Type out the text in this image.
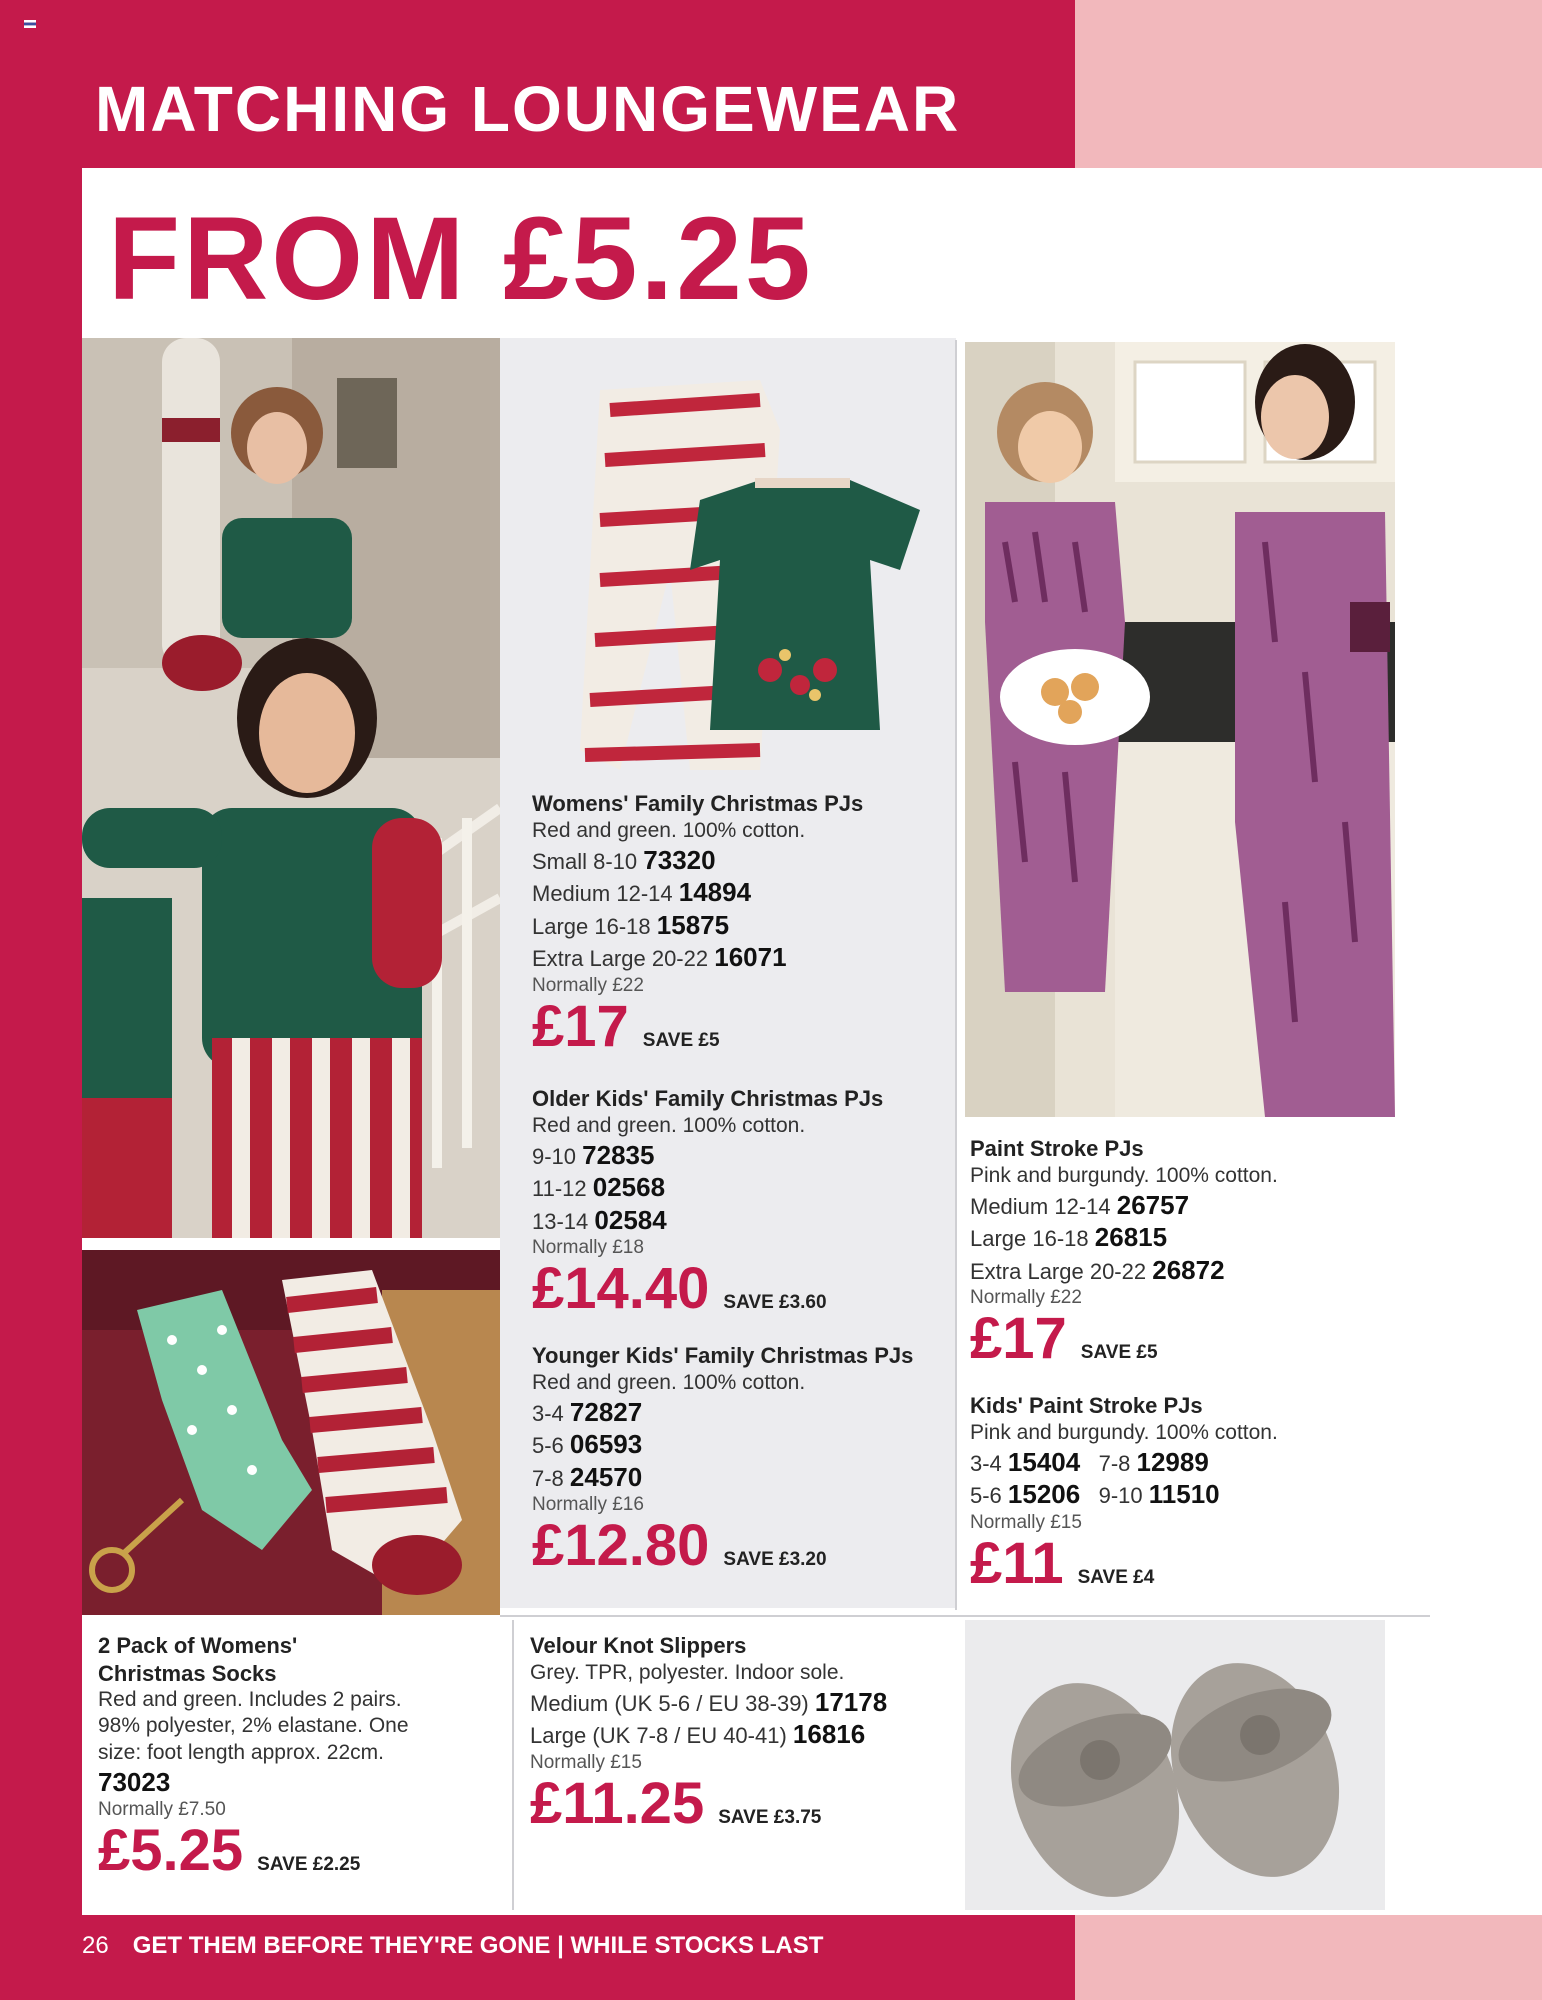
MATCHING LOUNGEWEAR
FROM £5.25
Womens' Family Christmas PJs
Red and green. 100% cotton.
Small 8-10 73320
Medium 12-14 14894
Large 16-18 15875
Extra Large 20-22 16071
Normally £22
£17 SAVE £5
Older Kids' Family Christmas PJs
Red and green. 100% cotton.
9-10 72835
11-12 02568
13-14 02584
Normally £18
£14.40 SAVE £3.60
Younger Kids' Family Christmas PJs
Red and green. 100% cotton.
3-4 72827
5-6 06593
7-8 24570
Normally £16
£12.80 SAVE £3.20
Paint Stroke PJs
Pink and burgundy. 100% cotton.
Medium 12-14 26757
Large 16-18 26815
Extra Large 20-22 26872
Normally £22
£17 SAVE £5
Kids' Paint Stroke PJs
Pink and burgundy. 100% cotton.
3-4 15404 7-8 12989
5-6 15206 9-10 11510
Normally £15
£11 SAVE £4
2 Pack of Womens'
Christmas Socks
Red and green. Includes 2 pairs.
98% polyester, 2% elastane. One
size: foot length approx. 22cm.
73023
Normally £7.50
£5.25 SAVE £2.25
Velour Knot Slippers
Grey. TPR, polyester. Indoor sole.
Medium (UK 5-6 / EU 38-39) 17178
Large (UK 7-8 / EU 40-41) 16816
Normally £15
£11.25 SAVE £3.75
26 GET THEM BEFORE THEY'RE GONE | WHILE STOCKS LAST
